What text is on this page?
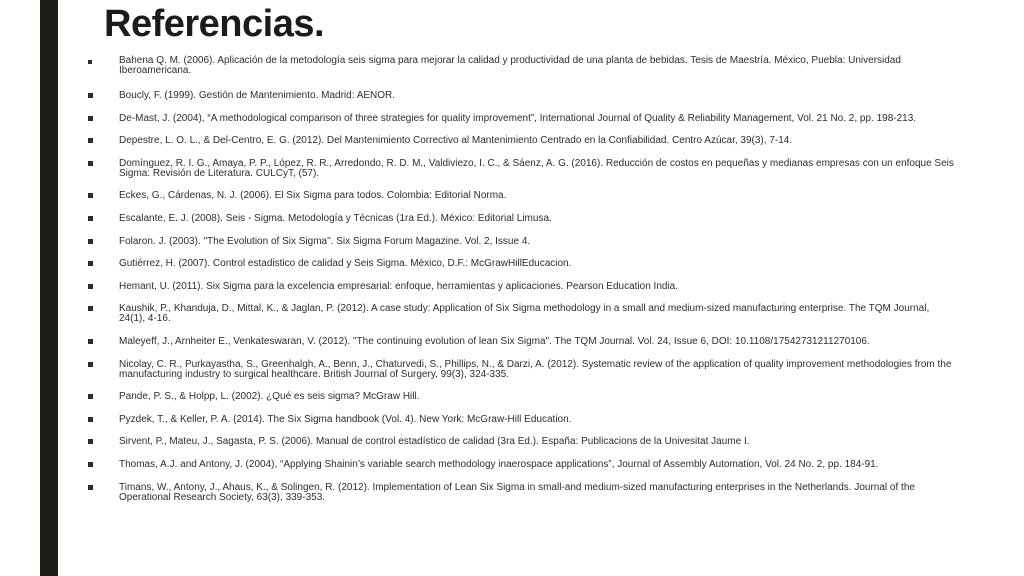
Referencias.
Bahena Q. M. (2006). Aplicación de la metodología seis sigma para mejorar la calidad y productividad de una planta de bebidas. Tesis de Maestría. México, Puebla: Universidad Iberoamericana.
Boucly, F. (1999). Gestión de Mantenimiento. Madrid: AENOR.
De-Mast, J. (2004), “A methodological comparison of three strategies for quality improvement”, International Journal of Quality & Reliability Management, Vol. 21 No. 2, pp. 198-213.
Depestre, L. O. L., & Del-Centro, E. G. (2012). Del Mantenimiento Correctivo al Mantenimiento Centrado en la Confiabilidad. Centro Azúcar, 39(3), 7-14.
Domínguez, R. I. G., Amaya, P. P., López, R. R., Arredondo, R. D. M., Valdiviezo, I. C., & Sáenz, A. G. (2016). Reducción de costos en pequeñas y medianas empresas con un enfoque Seis Sigma: Revisión de Literatura. CULCyT, (57).
Eckes, G., Cárdenas, N. J. (2006). El Six Sigma para todos. Colombia: Editorial Norma.
Escalante, E. J. (2008). Seis - Sigma. Metodología y Técnicas (1ra Ed.). México: Editorial Limusa.
Folaron. J. (2003). "The Evolution of Six Sigma". Six Sigma Forum Magazine. Vol. 2, Issue 4.
Gutiérrez, H. (2007). Control estadistico de calidad y Seis Sigma. México, D.F.: McGrawHillEducacion.
Hemant, U. (2011). Six Sigma para la excelencia empresarial: enfoque, herramientas y aplicaciones. Pearson Education India.
Kaushik, P., Khanduja, D., Mittal, K., & Jaglan, P. (2012). A case study: Application of Six Sigma methodology in a small and medium-sized manufacturing enterprise. The TQM Journal, 24(1), 4-16.
Maleyeff, J., Arnheiter E., Venkateswaran, V. (2012). "The continuing evolution of lean Six Sigma". The TQM Journal. Vol. 24, Issue 6, DOI: 10.1108/17542731211270106.
Nicolay, C. R., Purkayastha, S., Greenhalgh, A., Benn, J., Chaturvedi, S., Phillips, N., & Darzi, A. (2012). Systematic review of the application of quality improvement methodologies from the manufacturing industry to surgical healthcare. British Journal of Surgery, 99(3), 324-335.
Pande, P. S., & Holpp, L. (2002). ¿Qué es seis sigma? McGraw Hill.
Pyzdek, T., & Keller, P. A. (2014). The Six Sigma handbook (Vol. 4). New York: McGraw-Hill Education.
Sirvent, P., Mateu, J., Sagasta, P. S. (2006). Manual de control estadístico de calidad (3ra Ed.). España: Publicacions de la Univesitat Jaume I.
Thomas, A.J. and Antony, J. (2004), “Applying Shainin’s variable search methodology inaerospace applications”, Journal of Assembly Automation, Vol. 24 No. 2, pp. 184-91.
Timans, W., Antony, J., Ahaus, K., & Solingen, R. (2012). Implementation of Lean Six Sigma in small-and medium-sized manufacturing enterprises in the Netherlands. Journal of the Operational Research Society, 63(3), 339-353.
